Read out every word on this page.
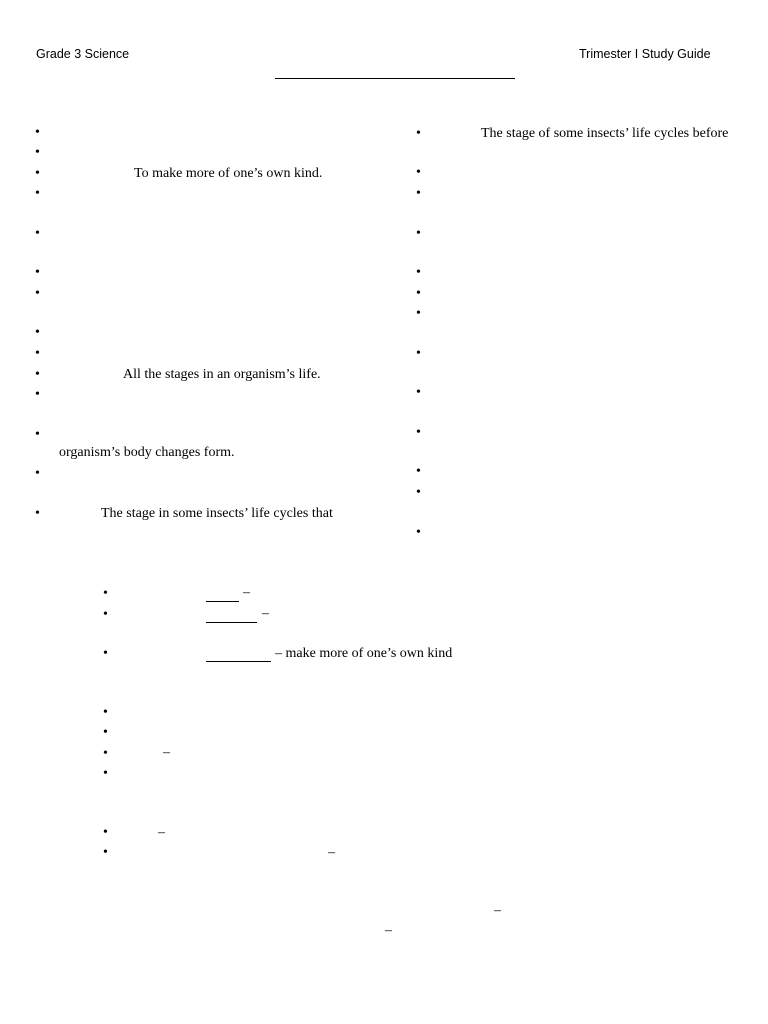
Grade 3 Science	Trimester I Study Guide
•
•
•
•
•
•
•
•
•
•
•
•
•
•
To make more of one’s own kind.
All the stages in an organism’s life.
organism’s body changes form.
The stage in some insects’ life cycles that
•
•
•
•
•
•
•
•
•
•
•
•
•
The stage of some insects’ life cycles before
•	–
•	–
•	– make more of one’s own kind
•
•
•	–
•
•	–
•	–
–
–
